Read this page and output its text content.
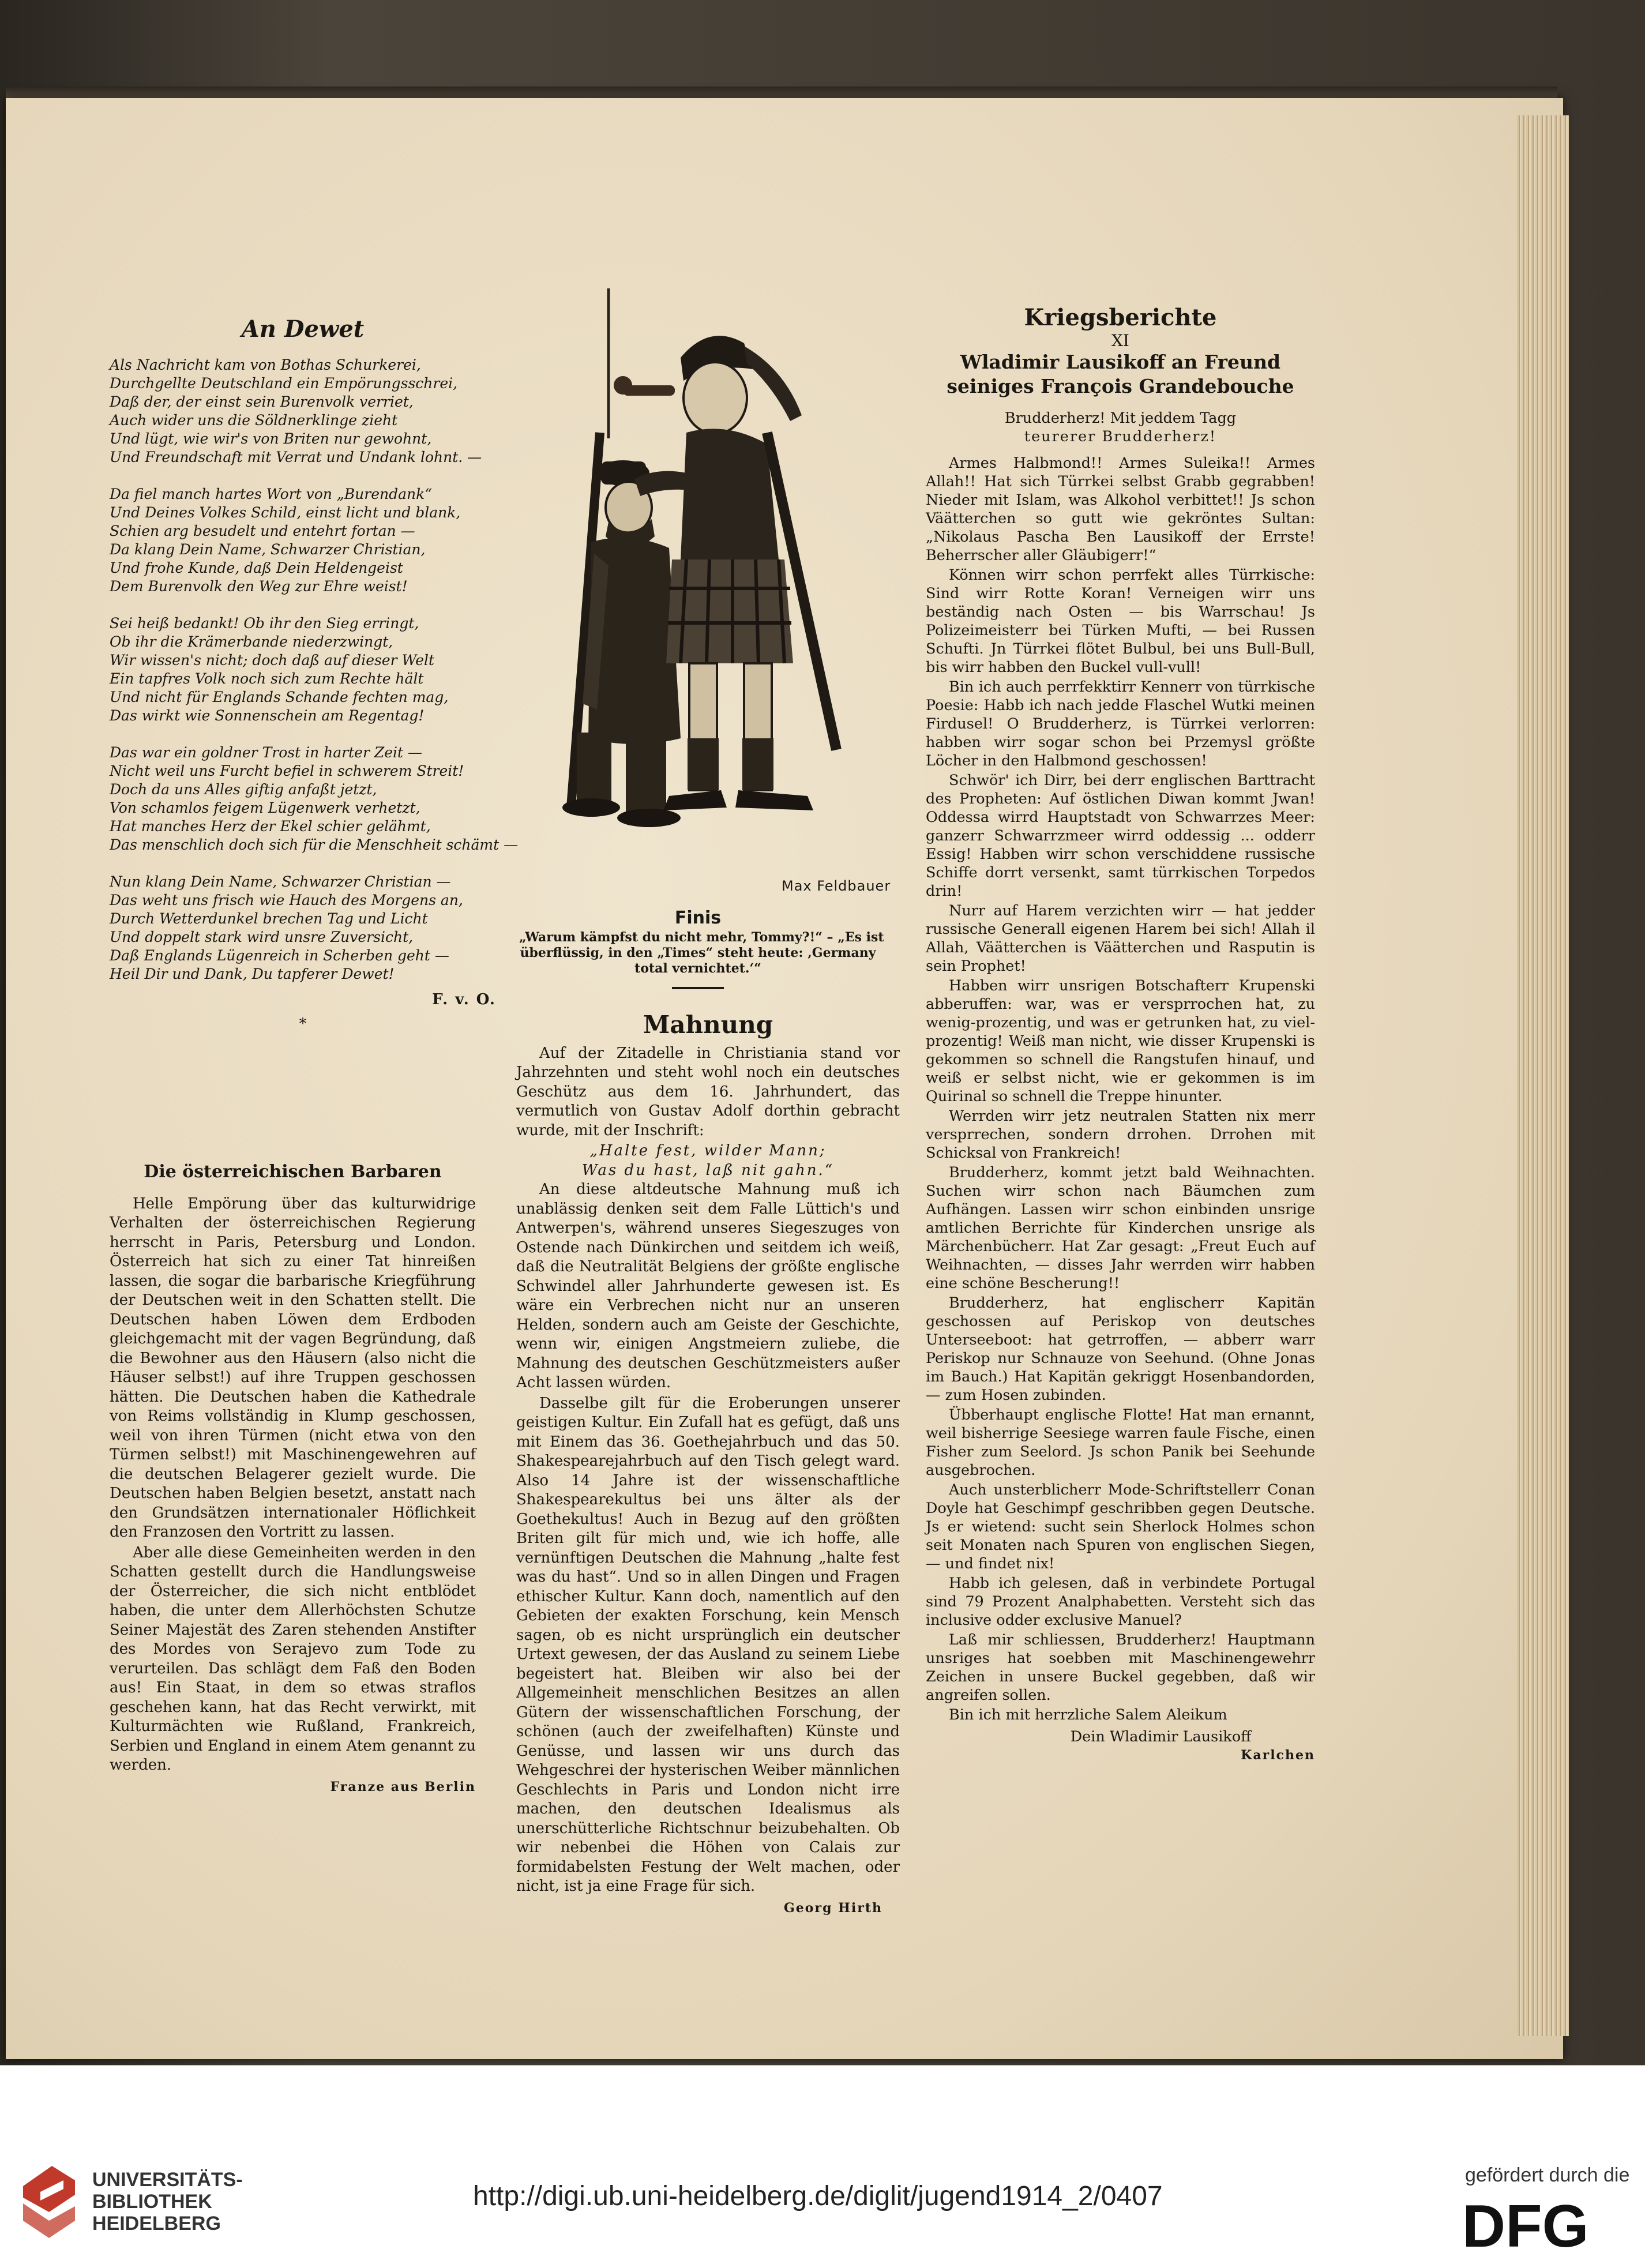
An Dewet

Als Nachricht kam von Bothas Schurkerei,
Durchgellte Deutschland ein Empörungsschrei,
Daß der, der einst sein Burenvolk verriet,
Auch wider uns die Söldnerklinge zieht
Und lügt, wie wir's von Briten nur gewohnt,
Und Freundschaft mit Verrat und Undank lohnt. —

Da fiel manch hartes Wort von „Burendank“
Und Deines Volkes Schild, einst licht und blank,
Schien arg besudelt und entehrt fortan —
Da klang Dein Name, Schwarzer Christian,
Und frohe Kunde, daß Dein Heldengeist
Dem Burenvolk den Weg zur Ehre weist!

Sei heiß bedankt! Ob ihr den Sieg erringt,
Ob ihr die Krämerbande niederzwingt,
Wir wissen's nicht; doch daß auf dieser Welt
Ein tapfres Volk noch sich zum Rechte hält
Und nicht für Englands Schande fechten mag,
Das wirkt wie Sonnenschein am Regentag!

Das war ein goldner Trost in harter Zeit —
Nicht weil uns Furcht befiel in schwerem Streit!
Doch da uns Alles giftig anfaßt jetzt,
Von schamlos feigem Lügenwerk verhetzt,
Hat manches Herz der Ekel schier gelähmt,
Das menschlich doch sich für die Menschheit schämt —

Nun klang Dein Name, Schwarzer Christian —
Das weht uns frisch wie Hauch des Morgens an,
Durch Wetterdunkel brechen Tag und Licht
Und doppelt stark wird unsre Zuversicht,
Daß Englands Lügenreich in Scherben geht —
Heil Dir und Dank, Du tapferer Dewet!

F. v. O.
*
Die österreichischen Barbaren

Helle Empörung über das kulturwidrige Verhalten der österreichischen Regierung herrscht in Paris, Petersburg und London. Österreich hat sich zu einer Tat hinreißen lassen, die sogar die barbarische Kriegführung der Deutschen weit in den Schatten stellt. Die Deutschen haben Löwen dem Erdboden gleichgemacht mit der vagen Begründung, daß die Bewohner aus den Häusern (also nicht die Häuser selbst!) auf ihre Truppen geschossen hätten. Die Deutschen haben die Kathedrale von Reims vollständig in Klump geschossen, weil von ihren Türmen (nicht etwa von den Türmen selbst!) mit Maschinengewehren auf die deutschen Belagerer gezielt wurde. Die Deutschen haben Belgien besetzt, anstatt nach den Grundsätzen internationaler Höflichkeit den Franzosen den Vortritt zu lassen.

Aber alle diese Gemeinheiten werden in den Schatten gestellt durch die Handlungsweise der Österreicher, die sich nicht entblödet haben, die unter dem Allerhöchsten Schutze Seiner Majestät des Zaren stehenden Anstifter des Mordes von Serajevo zum Tode zu verurteilen. Das schlägt dem Faß den Boden aus! Ein Staat, in dem so etwas straflos geschehen kann, hat das Recht verwirkt, mit Kulturmächten wie Rußland, Frankreich, Serbien und England in einem Atem genannt zu werden.

Franze aus Berlin
Max Feldbauer
Finis
„Warum kämpfst du nicht mehr, Tommy?!“ – „Es ist
überflüssig, in den „Times“ steht heute: ‚Germany
total vernichtet.‘“
Mahnung

Auf der Zitadelle in Christiania stand vor Jahrzehnten und steht wohl noch ein deutsches Geschütz aus dem 16. Jahrhundert, das vermutlich von Gustav Adolf dorthin gebracht wurde, mit der Inschrift:

„Halte fest, wilder Mann;
Was du hast, laß nit gahn.“

An diese altdeutsche Mahnung muß ich unablässig denken seit dem Falle Lüttich's und Antwerpen's, während unseres Siegeszuges von Ostende nach Dünkirchen und seitdem ich weiß, daß die Neutralität Belgiens der größte englische Schwindel aller Jahrhunderte gewesen ist. Es wäre ein Verbrechen nicht nur an unseren Helden, sondern auch am Geiste der Geschichte, wenn wir, einigen Angstmeiern zuliebe, die Mahnung des deutschen Geschützmeisters außer Acht lassen würden.

Dasselbe gilt für die Eroberungen unserer geistigen Kultur. Ein Zufall hat es gefügt, daß uns mit Einem das 36. Goethejahrbuch und das 50. Shakespearejahrbuch auf den Tisch gelegt ward. Also 14 Jahre ist der wissenschaftliche Shakespearekultus bei uns älter als der Goethekultus! Auch in Bezug auf den größten Briten gilt für mich und, wie ich hoffe, alle vernünftigen Deutschen die Mahnung „halte fest was du hast“. Und so in allen Dingen und Fragen ethischer Kultur. Kann doch, namentlich auf den Gebieten der exakten Forschung, kein Mensch sagen, ob es nicht ursprünglich ein deutscher Urtext gewesen, der das Ausland zu seinem Liebe begeistert hat. Bleiben wir also bei der Allgemeinheit menschlichen Besitzes an allen Gütern der wissenschaftlichen Forschung, der schönen (auch der zweifelhaften) Künste und Genüsse, und lassen wir uns durch das Wehgeschrei der hysterischen Weiber männlichen Geschlechts in Paris und London nicht irre machen, den deutschen Idealismus als unerschütterliche Richtschnur beizubehalten. Ob wir nebenbei die Höhen von Calais zur formidabelsten Festung der Welt machen, oder nicht, ist ja eine Frage für sich.

Georg Hirth
Kriegsberichte
XI
Wladimir Lausikoff an Freund
seiniges François Grandebouche
Brudderherz! Mit jeddem Tagg
teurerer Brudderherz!

Armes Halbmond!! Armes Suleika!! Armes Allah!! Hat sich Türrkei selbst Grabb gegrabben! Nieder mit Islam, was Alkohol verbittet!! Js schon Väätterchen so gutt wie gekröntes Sultan: „Nikolaus Pascha Ben Lausikoff der Errste! Beherrscher aller Gläubigerr!“

Können wirr schon perrfekt alles Türrkische: Sind wirr Rotte Koran! Verneigen wirr uns beständig nach Osten — bis Warrschau! Js Polizeimeisterr bei Türken Mufti, — bei Russen Schufti. Jn Türrkei flötet Bulbul, bei uns Bull-Bull, bis wirr habben den Buckel vull-vull!

Bin ich auch perrfekktirr Kennerr von türrkische Poesie: Habb ich nach jedde Flaschel Wutki meinen Firdusel! O Brudderherz, is Türrkei verlorren: habben wirr sogar schon bei Przemysl größte Löcher in den Halbmond geschossen!

Schwör' ich Dirr, bei derr englischen Barttracht des Propheten: Auf östlichen Diwan kommt Jwan! Oddessa wirrd Hauptstadt von Schwarrzes Meer: ganzerr Schwarrzmeer wirrd oddessig ... odderr Essig! Habben wirr schon verschiddene russische Schiffe dorrt versenkt, samt türrkischen Torpedos drin!

Nurr auf Harem verzichten wirr — hat jedder russische Generall eigenen Harem bei sich! Allah il Allah, Väätterchen is Väätterchen und Rasputin is sein Prophet!

Habben wirr unsrigen Botschafterr Krupenski abberuffen: war, was er versprrochen hat, zu wenig-prozentig, und was er getrunken hat, zu viel-prozentig! Weiß man nicht, wie disser Krupenski is gekommen so schnell die Rangstufen hinauf, und weiß er selbst nicht, wie er gekommen is im Quirinal so schnell die Treppe hinunter.

Werrden wirr jetz neutralen Statten nix merr versprrechen, sondern drrohen. Drrohen mit Schicksal von Frankreich!

Brudderherz, kommt jetzt bald Weihnachten. Suchen wirr schon nach Bäumchen zum Aufhängen. Lassen wirr schon einbinden unsrige amtlichen Berrichte für Kinderchen unsrige als Märchenbücherr. Hat Zar gesagt: „Freut Euch auf Weihnachten, — disses Jahr werrden wirr habben eine schöne Bescherung!!

Brudderherz, hat englischerr Kapitän geschossen auf Periskop von deutsches Unterseeboot: hat getrroffen, — abberr warr Periskop nur Schnauze von Seehund. (Ohne Jonas im Bauch.) Hat Kapitän gekriggt Hosenbandorden, — zum Hosen zubinden.

Übberhaupt englische Flotte! Hat man ernannt, weil bisherrige Seesiege warren faule Fische, einen Fisher zum Seelord. Js schon Panik bei Seehunde ausgebrochen.

Auch unsterblicherr Mode-Schriftstellerr Conan Doyle hat Geschimpf geschribben gegen Deutsche. Js er wietend: sucht sein Sherlock Holmes schon seit Monaten nach Spuren von englischen Siegen, — und findet nix!

Habb ich gelesen, daß in verbindete Portugal sind 79 Prozent Analphabetten. Versteht sich das inclusive odder exclusive Manuel?

Laß mir schliessen, Brudderherz! Hauptmann unsriges hat soebben mit Maschinengewehrr Zeichen in unsere Buckel gegebben, daß wir angreifen sollen.

Bin ich mit herrzliche Salem Aleikum

Dein Wladimir Lausikoff
Karlchen
UNIVERSITÄTS-
BIBLIOTHEK
HEIDELBERG
http://digi.ub.uni-heidelberg.de/diglit/jugend1914_2/0407
gefördert durch die
DFG
